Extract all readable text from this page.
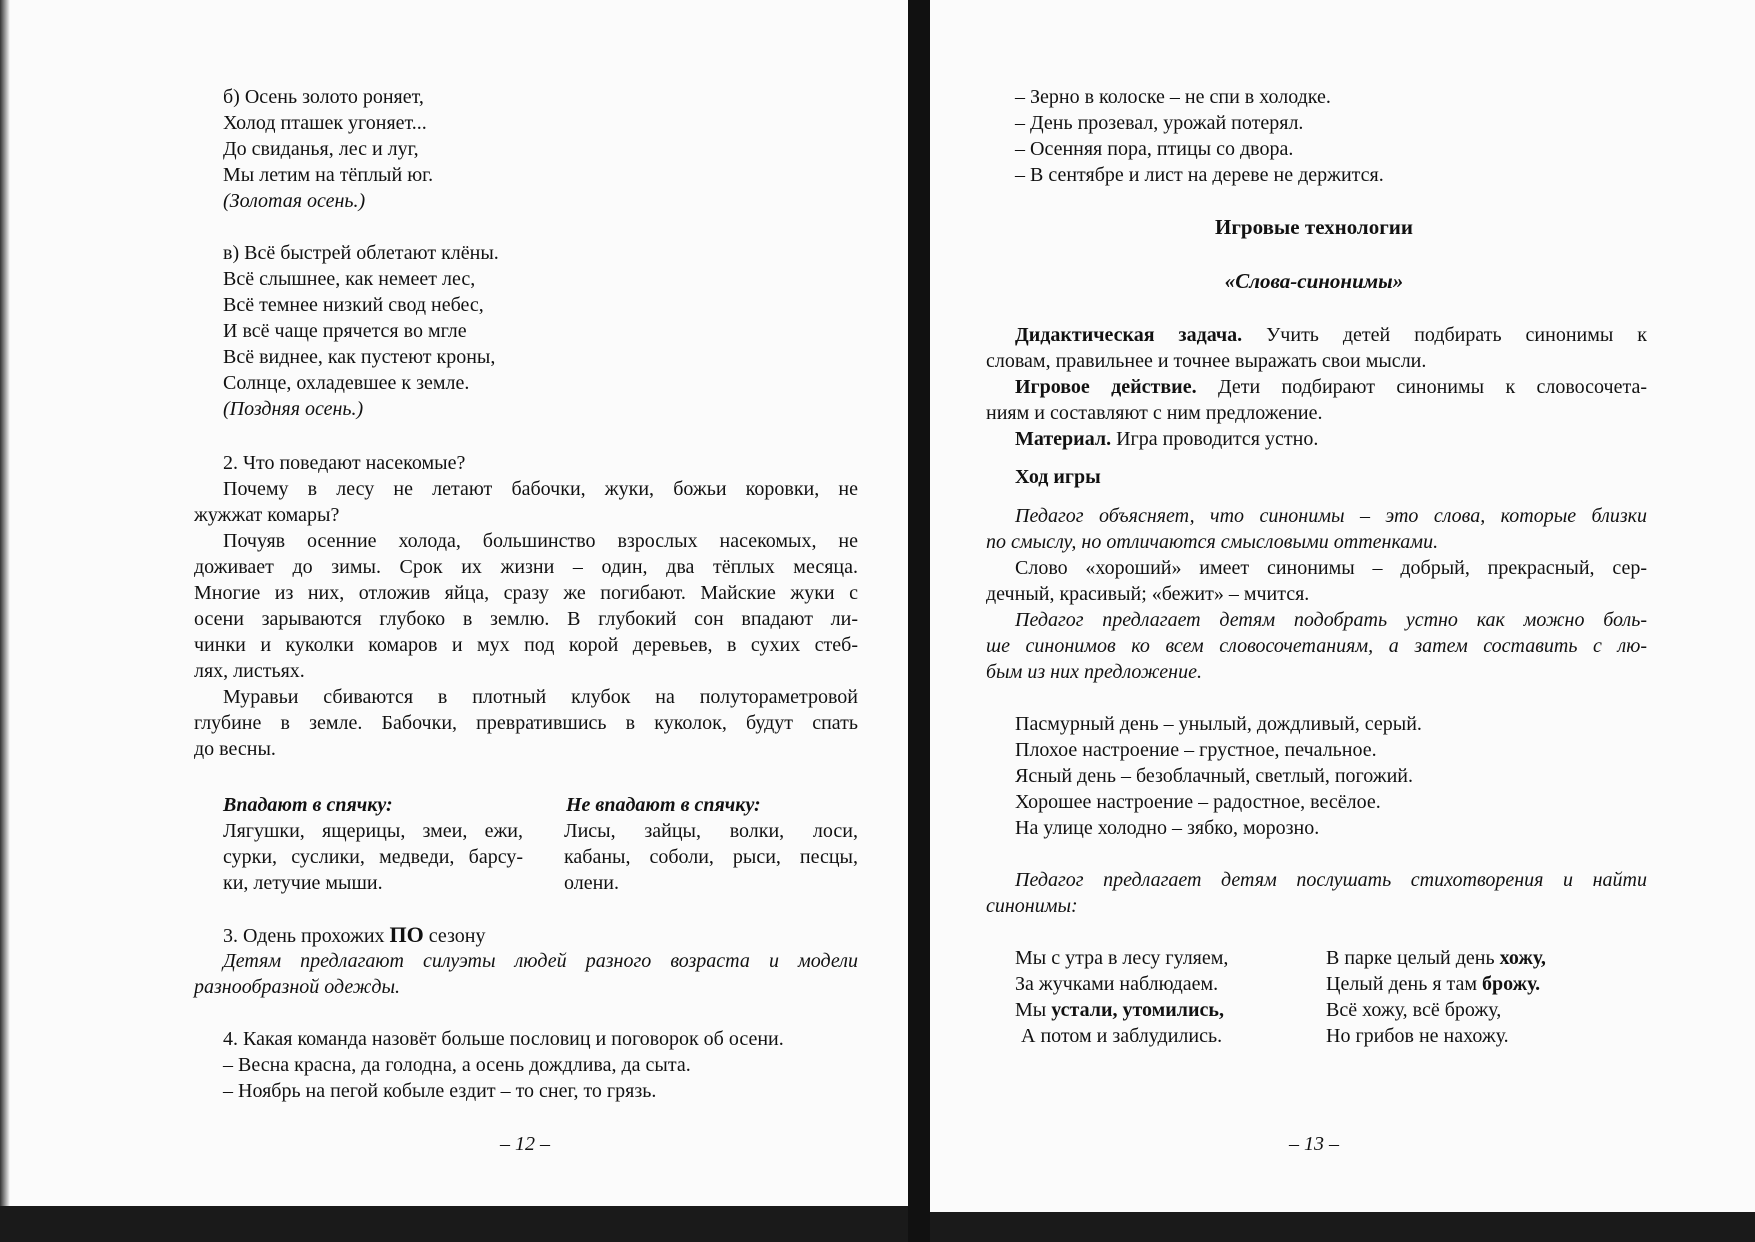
б) Осень золото роняет,
Холод пташек угоняет...
До свиданья, лес и луг,
Мы летим на тёплый юг.
(Золотая осень.)
в) Всё быстрей облетают клёны.
Всё слышнее, как немеет лес,
Всё темнее низкий свод небес,
И всё чаще прячется во мгле
Всё виднее, как пустеют кроны,
Солнце, охладевшее к земле.
(Поздняя осень.)
2. Что поведают насекомые?
Почему в лесу не летают бабочки, жуки, божьи коровки, не
жужжат комары?
Почуяв осенние холода, большинство взрослых насекомых, не
доживает до зимы. Срок их жизни – один, два тёплых месяца.
Многие из них, отложив яйца, сразу же погибают. Майские жуки с
осени зарываются глубоко в землю. В глубокий сон впадают ли-
чинки и куколки комаров и мух под корой деревьев, в сухих стеб-
лях, листьях.
Муравьи сбиваются в плотный клубок на полутораметровой
глубине в земле. Бабочки, превратившись в куколок, будут спать
до весны.
Впадают в спячку:
Лягушки, ящерицы, змеи, ежи,
сурки, суслики, медведи, барсу-
ки, летучие мыши.
Не впадают в спячку:
Лисы, зайцы, волки, лоси,
кабаны, соболи, рыси, песцы,
олени.
3. Одень прохожих ПО сезону
Детям предлагают силуэты людей разного возраста и модели
разнообразной одежды.
4. Какая команда назовёт больше пословиц и поговорок об осени.
– Весна красна, да голодна, а осень дождлива, да сыта.
– Ноябрь на пегой кобыле ездит – то снег, то грязь.
– 12 –
– Зерно в колоске – не спи в холодке.
– День прозевал, урожай потерял.
– Осенняя пора, птицы со двора.
– В сентябре и лист на дереве не держится.
Игровые технологии
«Слова-синонимы»
Дидактическая задача. Учить детей подбирать синонимы к
словам, правильнее и точнее выражать свои мысли.
Игровое действие. Дети подбирают синонимы к словосочета-
ниям и составляют с ним предложение.
Материал. Игра проводится устно.
Ход игры
Педагог объясняет, что синонимы – это слова, которые близки
по смыслу, но отличаются смысловыми оттенками.
Слово «хороший» имеет синонимы – добрый, прекрасный, сер-
дечный, красивый; «бежит» – мчится.
Педагог предлагает детям подобрать устно как можно боль-
ше синонимов ко всем словосочетаниям, а затем составить с лю-
бым из них предложение.
Пасмурный день – унылый, дождливый, серый.
Плохое настроение – грустное, печальное.
Ясный день – безоблачный, светлый, погожий.
Хорошее настроение – радостное, весёлое.
На улице холодно – зябко, морозно.
Педагог предлагает детям послушать стихотворения и найти
синонимы:
Мы с утра в лесу гуляем,
За жучками наблюдаем.
Мы устали, утомились,
А потом и заблудились.
В парке целый день хожу,
Целый день я там брожу.
Всё хожу, всё брожу,
Но грибов не нахожу.
– 13 –
